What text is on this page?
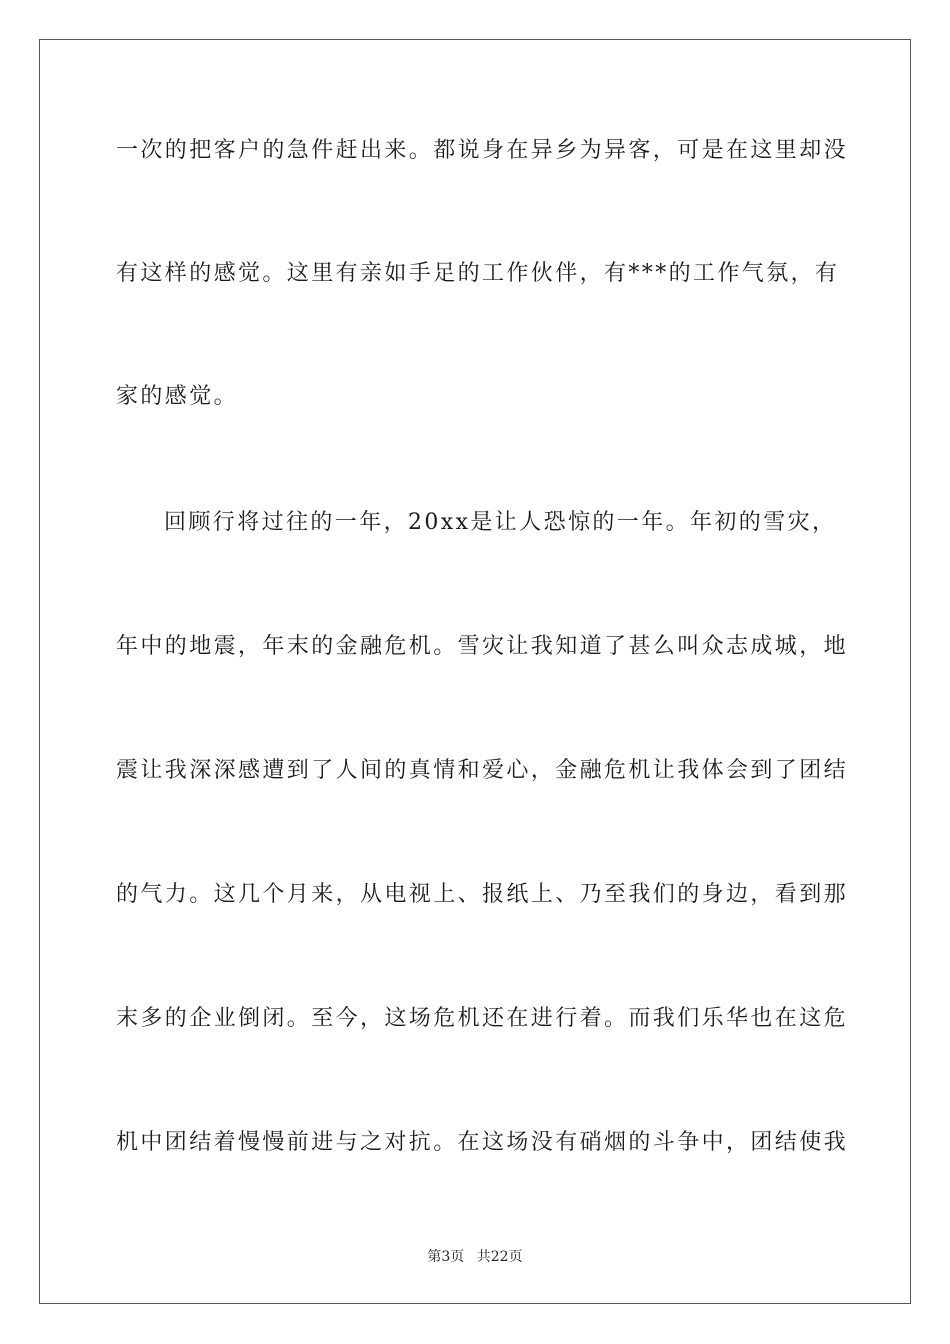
一次的把客户的急件赶出来。都说身在异乡为异客，可是在这里却没
有这样的感觉。这里有亲如手足的工作伙伴，有***的工作气氛，有
家的感觉。
回顾行将过往的一年，20xx是让人恐惊的一年。年初的雪灾，
年中的地震，年末的金融危机。雪灾让我知道了甚么叫众志成城，地
震让我深深感遭到了人间的真情和爱心，金融危机让我体会到了团结
的气力。这几个月来，从电视上、报纸上、乃至我们的身边，看到那
末多的企业倒闭。至今，这场危机还在进行着。而我们乐华也在这危
机中团结着慢慢前进与之对抗。在这场没有硝烟的斗争中，团结使我
第3页 共22页
